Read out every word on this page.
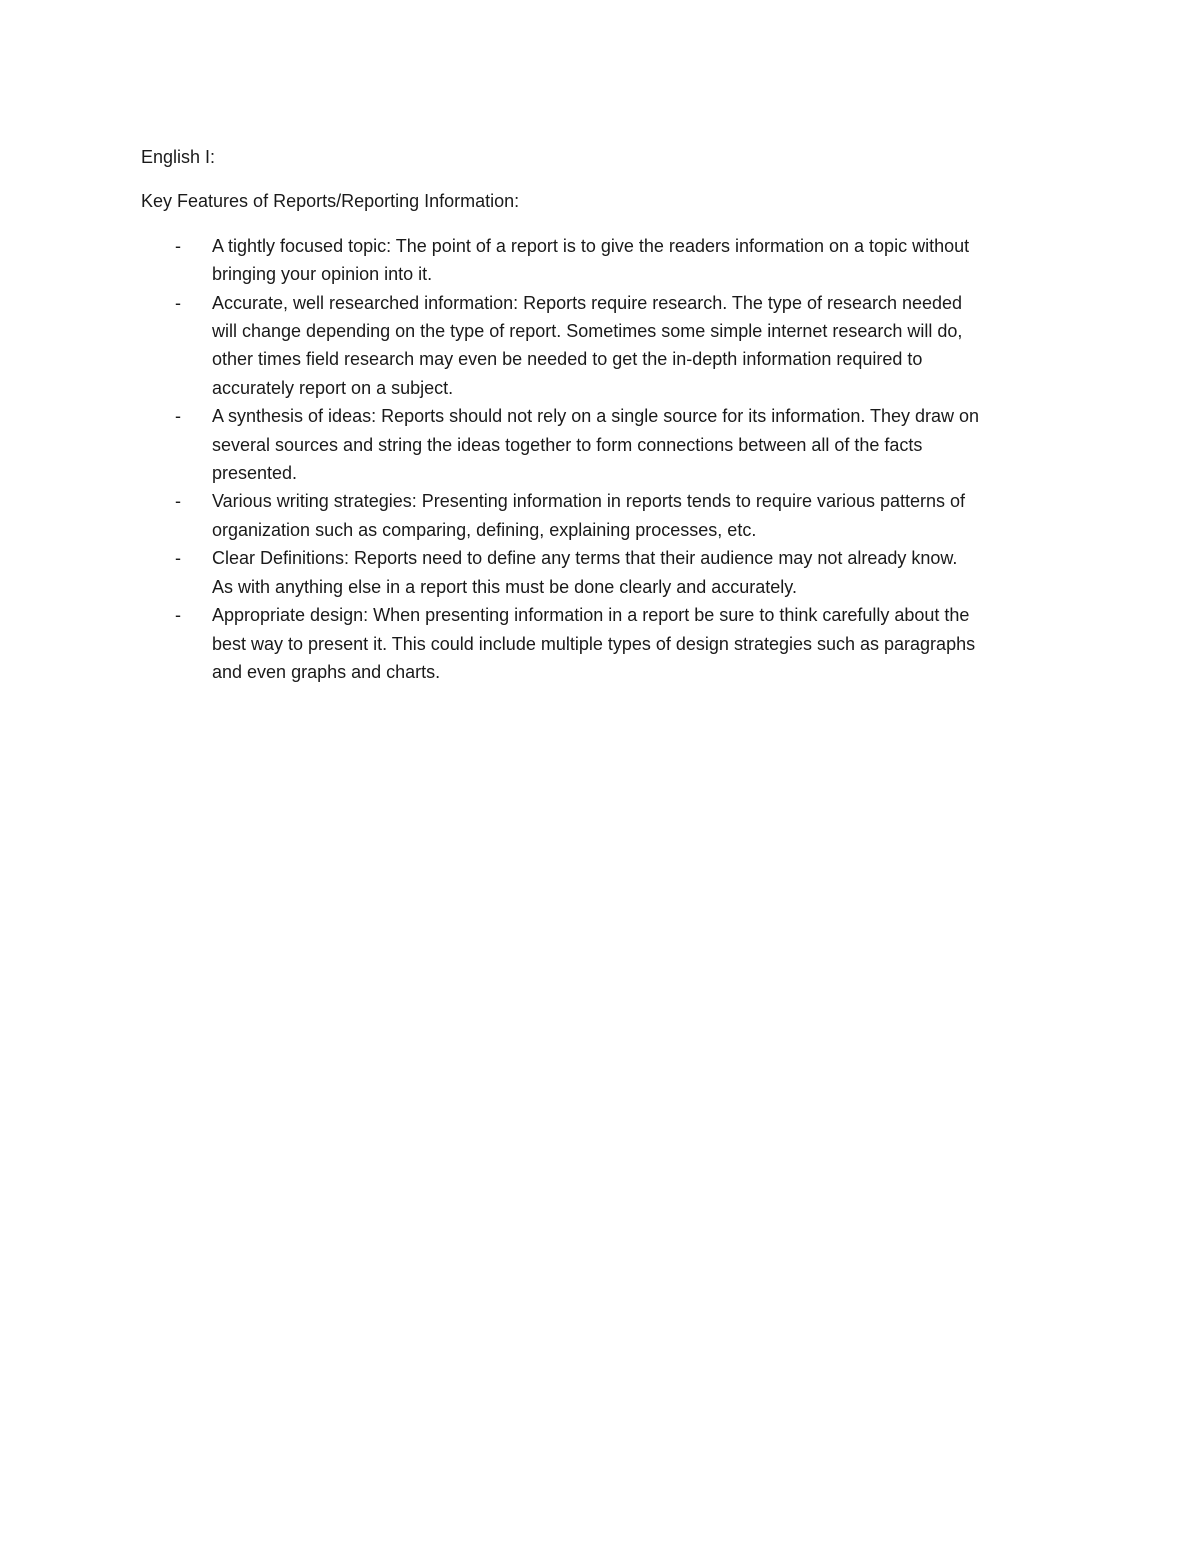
English I:

Key Features of Reports/Reporting Information:

- A tightly focused topic: The point of a report is to give the readers information on a topic without
bringing your opinion into it.
- Accurate, well researched information: Reports require research. The type of research needed
will change depending on the type of report. Sometimes some simple internet research will do,
other times field research may even be needed to get the in-depth information required to
accurately report on a subject.
- A synthesis of ideas: Reports should not rely on a single source for its information. They draw on
several sources and string the ideas together to form connections between all of the facts
presented.
- Various writing strategies: Presenting information in reports tends to require various patterns of
organization such as comparing, defining, explaining processes, etc.
- Clear Definitions: Reports need to define any terms that their audience may not already know.
As with anything else in a report this must be done clearly and accurately.
- Appropriate design: When presenting information in a report be sure to think carefully about the
best way to present it. This could include multiple types of design strategies such as paragraphs
and even graphs and charts.
